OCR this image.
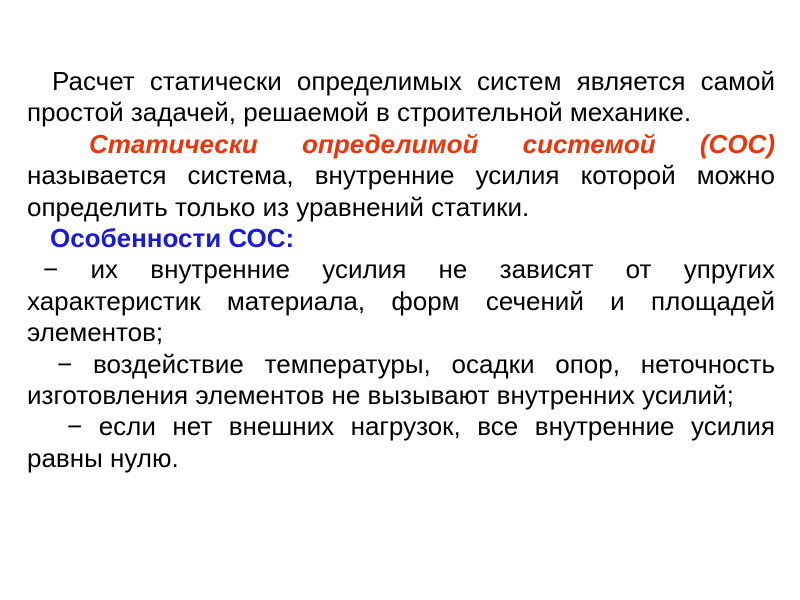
Расчет статически определимых систем является самой
простой задачей, решаемой в строительной механике.
Статически определимой системой (СОС)
называется система, внутренние усилия которой можно
определить только из уравнений статики.
Особенности СОС:
− их внутренние усилия не зависят от упругих
характеристик материала, форм сечений и площадей
элементов;
− воздействие температуры, осадки опор, неточность
изготовления элементов не вызывают внутренних усилий;
− если нет внешних нагрузок, все внутренние усилия
равны нулю.
